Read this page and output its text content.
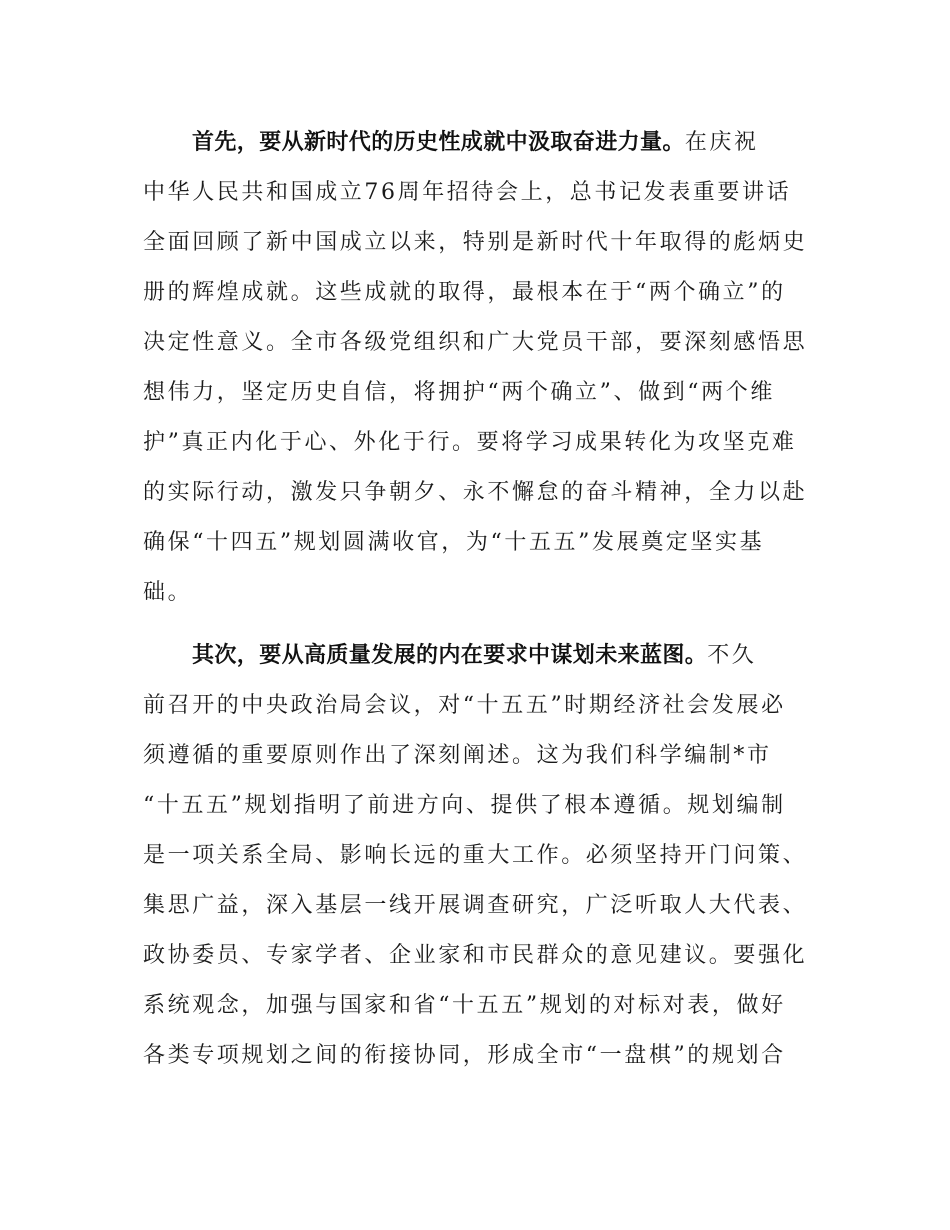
首先，要从新时代的历史性成就中汲取奋进力量。在庆祝
中华人民共和国成立76周年招待会上，总书记发表重要讲话
全面回顾了新中国成立以来，特别是新时代十年取得的彪炳史
册的辉煌成就。这些成就的取得，最根本在于“两个确立”的
决定性意义。全市各级党组织和广大党员干部，要深刻感悟思
想伟力，坚定历史自信，将拥护“两个确立”、做到“两个维
护”真正内化于心、外化于行。要将学习成果转化为攻坚克难
的实际行动，激发只争朝夕、永不懈怠的奋斗精神，全力以赴
确保“十四五”规划圆满收官，为“十五五”发展奠定坚实基
础。
其次，要从高质量发展的内在要求中谋划未来蓝图。不久
前召开的中央政治局会议，对“十五五”时期经济社会发展必
须遵循的重要原则作出了深刻阐述。这为我们科学编制*市
“十五五”规划指明了前进方向、提供了根本遵循。规划编制
是一项关系全局、影响长远的重大工作。必须坚持开门问策、
集思广益，深入基层一线开展调查研究，广泛听取人大代表、
政协委员、专家学者、企业家和市民群众的意见建议。要强化
系统观念，加强与国家和省“十五五”规划的对标对表，做好
各类专项规划之间的衔接协同，形成全市“一盘棋”的规划合
